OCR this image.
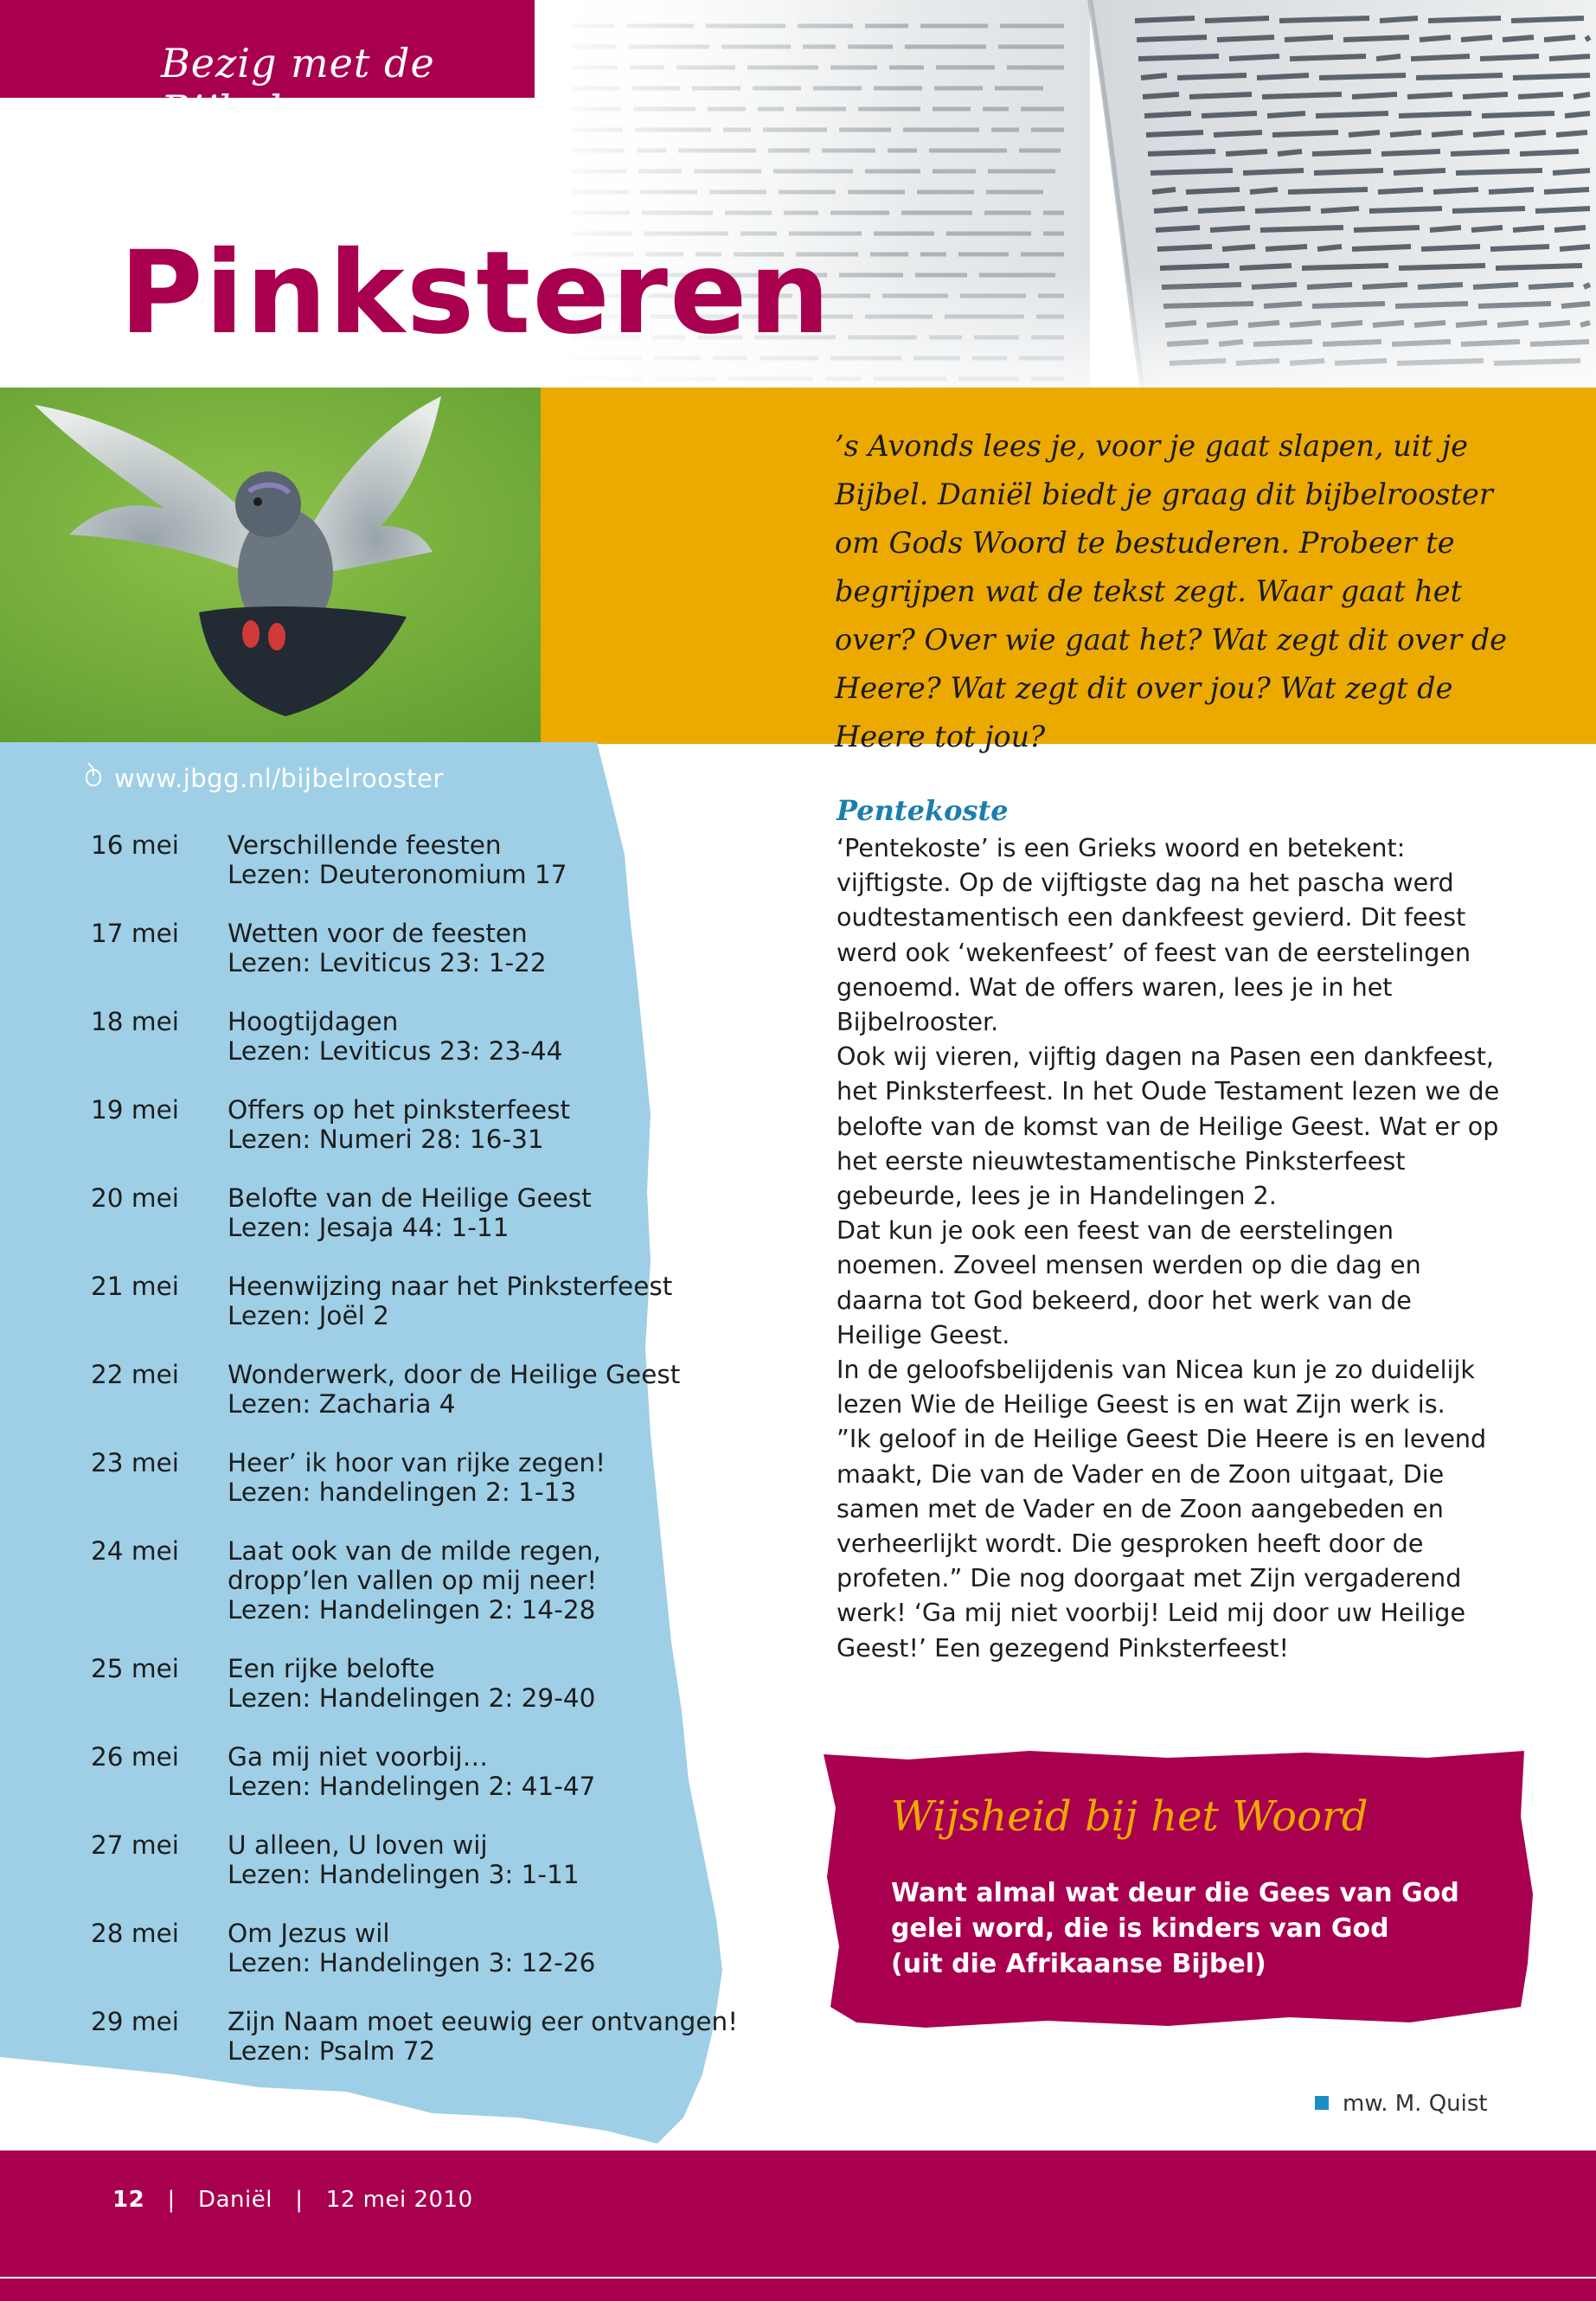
Bezig met de Bijbel
Pinksteren
’s Avonds lees je, voor je gaat slapen, uit je Bijbel. Daniël biedt je graag dit bijbelrooster om Gods Woord te bestuderen. Probeer te begrijpen wat de tekst zegt. Waar gaat het over? Over wie gaat het? Wat zegt dit over de Heere? Wat zegt dit over jou? Wat zegt de Heere tot jou?
www.jbgg.nl/bijbelrooster
16 mei	Verschillende feesten
Lezen: Deuteronomium 17
17 mei	Wetten voor de feesten
Lezen: Leviticus 23: 1-22
18 mei	Hoogtijdagen
Lezen: Leviticus 23: 23-44
19 mei	Offers op het pinksterfeest
Lezen: Numeri 28: 16-31
20 mei	Belofte van de Heilige Geest
Lezen: Jesaja 44: 1-11
21 mei	Heenwijzing naar het Pinksterfeest
Lezen: Joël 2
22 mei	Wonderwerk, door de Heilige Geest
Lezen: Zacharia 4
23 mei	Heer’ ik hoor van rijke zegen!
Lezen: handelingen 2: 1-13
24 mei	Laat ook van de milde regen,
dropp’len vallen op mij neer!
Lezen: Handelingen 2: 14-28
25 mei	Een rijke belofte
Lezen: Handelingen 2: 29-40
26 mei	Ga mij niet voorbij…
Lezen: Handelingen 2: 41-47
27 mei	U alleen, U loven wij
Lezen: Handelingen 3: 1-11
28 mei	Om Jezus wil
Lezen: Handelingen 3: 12-26
29 mei	Zijn Naam moet eeuwig eer ontvangen!
Lezen: Psalm 72
Pentekoste

‘Pentekoste’ is een Grieks woord en betekent: vijftigste. Op de vijftigste dag na het pascha werd oudtestamentisch een dankfeest gevierd. Dit feest werd ook ‘wekenfeest’ of feest van de eerstelingen genoemd. Wat de offers waren, lees je in het Bijbelrooster.

Ook wij vieren, vijftig dagen na Pasen een dankfeest, het Pinksterfeest. In het Oude Testament lezen we de belofte van de komst van de Heilige Geest. Wat er op het eerste nieuwtestamentische Pinksterfeest gebeurde, lees je in Handelingen 2.

Dat kun je ook een feest van de eerstelingen noemen. Zoveel mensen werden op die dag en daarna tot God bekeerd, door het werk van de Heilige Geest.

In de geloofsbelijdenis van Nicea kun je zo duidelijk lezen Wie de Heilige Geest is en wat Zijn werk is.

”Ik geloof in de Heilige Geest Die Heere is en levend maakt, Die van de Vader en de Zoon uitgaat, Die samen met de Vader en de Zoon aangebeden en verheerlijkt wordt. Die gesproken heeft door de profeten.” Die nog doorgaat met Zijn vergaderend werk! ‘Ga mij niet voorbij! Leid mij door uw Heilige Geest!’ Een gezegend Pinksterfeest!

Wijsheid bij het Woord
Want almal wat deur die Gees van God
gelei word, die is kinders van God
(uit die Afrikaanse Bijbel)
mw. M. Quist
12   |   Daniël   |   12 mei 2010
